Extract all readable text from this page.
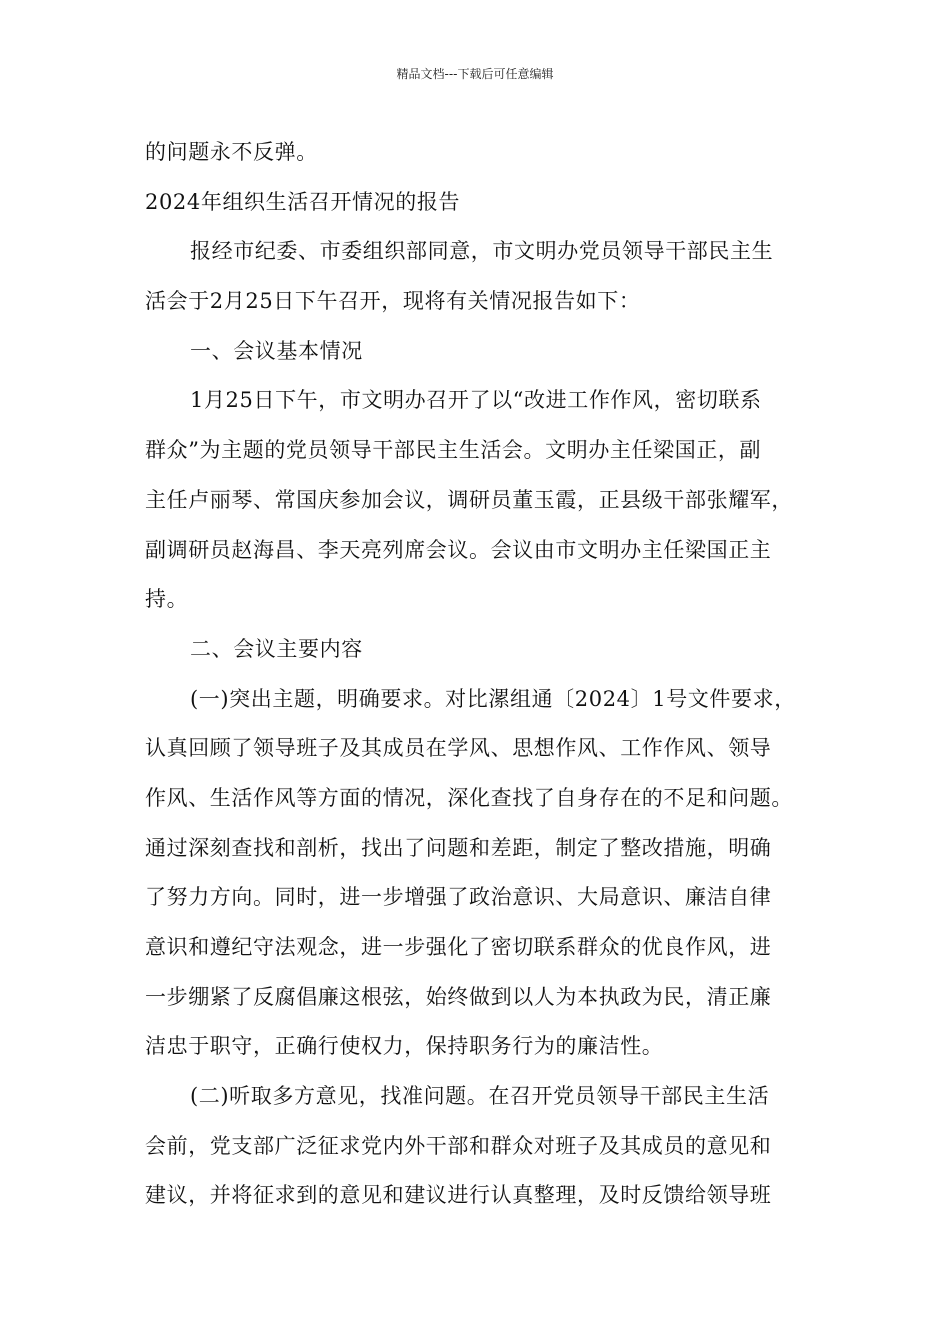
精品文档---下载后可任意编辑
的问题永不反弹。
2024年组织生活召开情况的报告
报经市纪委、市委组织部同意，市文明办党员领导干部民主生
活会于2月25日下午召开，现将有关情况报告如下：
一、会议基本情况
1月25日下午，市文明办召开了以“改进工作作风，密切联系
群众”为主题的党员领导干部民主生活会。文明办主任梁国正，副
主任卢丽琴、常国庆参加会议，调研员董玉霞，正县级干部张耀军，
副调研员赵海昌、李天亮列席会议。会议由市文明办主任梁国正主
持。
二、会议主要内容
(一)突出主题，明确要求。对比漯组通〔2024〕1号文件要求，
认真回顾了领导班子及其成员在学风、思想作风、工作作风、领导
作风、生活作风等方面的情况，深化查找了自身存在的不足和问题。
通过深刻查找和剖析，找出了问题和差距，制定了整改措施，明确
了努力方向。同时，进一步增强了政治意识、大局意识、廉洁自律
意识和遵纪守法观念，进一步强化了密切联系群众的优良作风，进
一步绷紧了反腐倡廉这根弦，始终做到以人为本执政为民，清正廉
洁忠于职守，正确行使权力，保持职务行为的廉洁性。
(二)听取多方意见，找准问题。在召开党员领导干部民主生活
会前，党支部广泛征求党内外干部和群众对班子及其成员的意见和
建议，并将征求到的意见和建议进行认真整理，及时反馈给领导班
